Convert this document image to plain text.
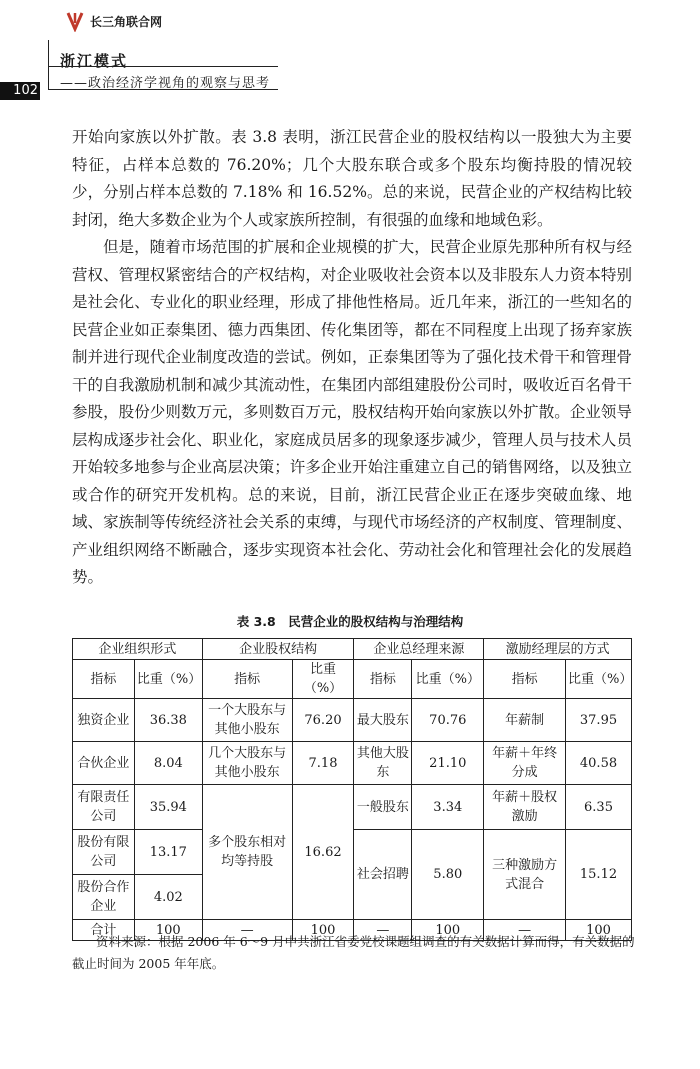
长三角联合网
浙江模式
——政治经济学视角的观察与思考
102

开始向家族以外扩散。表 3.8 表明，浙江民营企业的股权结构以一股独大为主要特征，占样本总数的 76.20%；几个大股东联合或多个股东均衡持股的情况较少，分别占样本总数的 7.18% 和 16.52%。总的来说，民营企业的产权结构比较封闭，绝大多数企业为个人或家族所控制，有很强的血缘和地域色彩。

但是，随着市场范围的扩展和企业规模的扩大，民营企业原先那种所有权与经营权、管理权紧密结合的产权结构，对企业吸收社会资本以及非股东人力资本特别是社会化、专业化的职业经理，形成了排他性格局。近几年来，浙江的一些知名的民营企业如正泰集团、德力西集团、传化集团等，都在不同程度上出现了扬弃家族制并进行现代企业制度改造的尝试。例如，正泰集团等为了强化技术骨干和管理骨干的自我激励机制和减少其流动性，在集团内部组建股份公司时，吸收近百名骨干参股，股份少则数万元，多则数百万元，股权结构开始向家族以外扩散。企业领导层构成逐步社会化、职业化，家庭成员居多的现象逐步减少，管理人员与技术人员开始较多地参与企业高层决策；许多企业开始注重建立自己的销售网络，以及独立或合作的研究开发机构。总的来说，目前，浙江民营企业正在逐步突破血缘、地域、家族制等传统经济社会关系的束缚，与现代市场经济的产权制度、管理制度、产业组织网络不断融合，逐步实现资本社会化、劳动社会化和管理社会化的发展趋势。

表 3.8　民营企业的股权结构与治理结构
企业组织形式		企业股权结构		企业总经理来源		激励经理层的方式	
指标	比重（%）	指标	比重（%）	指标	比重（%）	指标	比重（%）
独资企业	36.38	一个大股东与其他小股东	76.20	最大股东	70.76	年薪制	37.95
合伙企业	8.04	几个大股东与其他小股东	7.18	其他大股东	21.10	年薪＋年终分成	40.58
有限责任公司	35.94	多个股东相对均等持股	16.62	一般股东	3.34	年薪＋股权激励	6.35
股份有限公司	13.17			社会招聘	5.80	三种激励方式混合	15.12
股份合作企业	4.02						
合计	100	—	100	—	100	—	100
资料来源：根据 2006 年 6～9 月中共浙江省委党校课题组调查的有关数据计算而得，有关数据的截止时间为 2005 年年底。
